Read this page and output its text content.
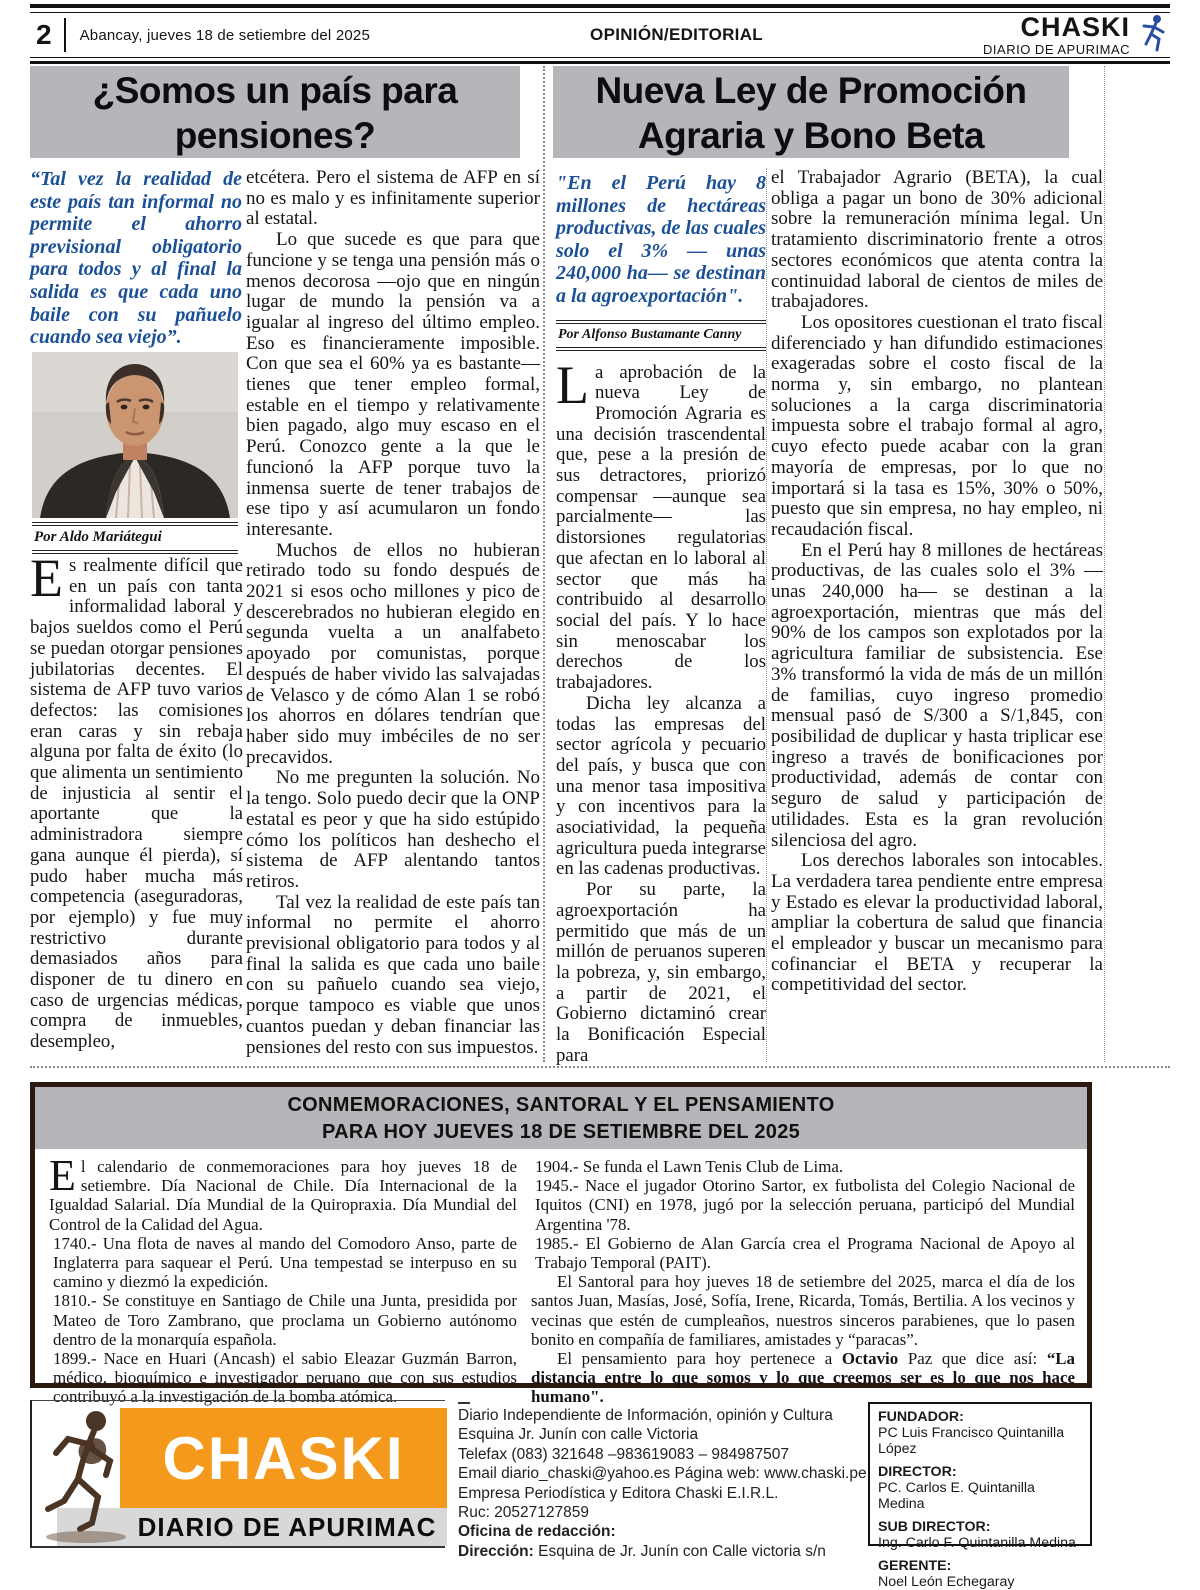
2	Abancay, jueves 18 de setiembre del 2025	OPINIÓN/EDITORIAL	CHASKI
DIARIO DE APURIMAC
¿Somos un país para pensiones?
“Tal vez la realidad de este país tan informal no permite el ahorro previsional obligatorio para todos y al final la salida es que cada uno baile con su pañuelo cuando sea viejo”.
Por Aldo Mariátegui

Es realmente difícil que en un país con tanta informalidad laboral y bajos sueldos como el Perú se puedan otorgar pensiones jubilatorias decentes. El sistema de AFP tuvo varios defectos: las comisiones eran caras y sin rebaja alguna por falta de éxito (lo que alimenta un sentimiento de injusticia al sentir el aportante que la administradora siempre gana aunque él pierda), sí pudo haber mucha más competencia (aseguradoras, por ejemplo) y fue muy restrictivo durante demasiados años para disponer de tu dinero en caso de urgencias médicas, compra de inmuebles, desempleo,

etcétera. Pero el sistema de AFP en sí no es malo y es infinitamente superior al estatal.

Lo que sucede es que para que funcione y se tenga una pensión más o menos decorosa —ojo que en ningún lugar de mundo la pensión va a igualar al ingreso del último empleo. Eso es financieramente imposible. Con que sea el 60% ya es bastante—tienes que tener empleo formal, estable en el tiempo y relativamente bien pagado, algo muy escaso en el Perú. Conozco gente a la que le funcionó la AFP porque tuvo la inmensa suerte de tener trabajos de ese tipo y así acumularon un fondo interesante.

Muchos de ellos no hubieran retirado todo su fondo después de 2021 si esos ocho millones y pico de descerebrados no hubieran elegido en segunda vuelta a un analfabeto apoyado por comunistas, porque después de haber vivido las salvajadas de Velasco y de cómo Alan 1 se robó los ahorros en dólares tendrían que haber sido muy imbéciles de no ser precavidos.

No me pregunten la solución. No la tengo. Solo puedo decir que la ONP estatal es peor y que ha sido estúpido cómo los políticos han deshecho el sistema de AFP alentando tantos retiros.

Tal vez la realidad de este país tan informal no permite el ahorro previsional obligatorio para todos y al final la salida es que cada uno baile con su pañuelo cuando sea viejo, porque tampoco es viable que unos cuantos puedan y deban financiar las pensiones del resto con sus impuestos.

Nueva Ley de Promoción Agraria y Bono Beta
"En el Perú hay 8 millones de hectáreas productivas, de las cuales solo el 3% — unas 240,000 ha— se destinan a la agroexportación".
Por Alfonso Bustamante Canny

La aprobación de la nueva Ley de Promoción Agraria es una decisión trascendental que, pese a la presión de sus detractores, priorizó compensar —aunque sea parcialmente— las distorsiones regulatorias que afectan en lo laboral al sector que más ha contribuido al desarrollo social del país. Y lo hace sin menoscabar los derechos de los trabajadores.

Dicha ley alcanza a todas las empresas del sector agrícola y pecuario del país, y busca que con una menor tasa impositiva y con incentivos para la asociatividad, la pequeña agricultura pueda integrarse en las cadenas productivas.

Por su parte, la agroexportación ha permitido que más de un millón de peruanos superen la pobreza, y, sin embargo, a partir de 2021, el Gobierno dictaminó crear la Bonificación Especial para

el Trabajador Agrario (BETA), la cual obliga a pagar un bono de 30% adicional sobre la remuneración mínima legal. Un tratamiento discriminatorio frente a otros sectores económicos que atenta contra la continuidad laboral de cientos de miles de trabajadores.

Los opositores cuestionan el trato fiscal diferenciado y han difundido estimaciones exageradas sobre el costo fiscal de la norma y, sin embargo, no plantean soluciones a la carga discriminatoria impuesta sobre el trabajo formal al agro, cuyo efecto puede acabar con la gran mayoría de empresas, por lo que no importará si la tasa es 15%, 30% o 50%, puesto que sin empresa, no hay empleo, ni recaudación fiscal.

En el Perú hay 8 millones de hectáreas productivas, de las cuales solo el 3% —unas 240,000 ha— se destinan a la agroexportación, mientras que más del 90% de los campos son explotados por la agricultura familiar de subsistencia. Ese 3% transformó la vida de más de un millón de familias, cuyo ingreso promedio mensual pasó de S/300 a S/1,845, con posibilidad de duplicar y hasta triplicar ese ingreso a través de bonificaciones por productividad, además de contar con seguro de salud y participación de utilidades. Esta es la gran revolución silenciosa del agro.

Los derechos laborales son intocables. La verdadera tarea pendiente entre empresa y Estado es elevar la productividad laboral, ampliar la cobertura de salud que financia el empleador y buscar un mecanismo para cofinanciar el BETA y recuperar la competitividad del sector.

CONMEMORACIONES, SANTORAL Y EL PENSAMIENTO
PARA HOY JUEVES 18 DE SETIEMBRE DEL 2025

El calendario de conmemoraciones para hoy jueves 18 de setiembre. Día Nacional de Chile. Día Internacional de la Igualdad Salarial. Día Mundial de la Quiropraxia. Día Mundial del Control de la Calidad del Agua.

1740.- Una flota de naves al mando del Comodoro Anso, parte de Inglaterra para saquear el Perú. Una tempestad se interpuso en su camino y diezmó la expedición.

1810.- Se constituye en Santiago de Chile una Junta, presidida por Mateo de Toro Zambrano, que proclama un Gobierno autónomo dentro de la monarquía española.

1899.- Nace en Huari (Ancash) el sabio Eleazar Guzmán Barron, médico, bioquímico e investigador peruano que con sus estudios contribuyó a la investigación de la bomba atómica.

1904.- Se funda el Lawn Tenis Club de Lima.

1945.- Nace el jugador Otorino Sartor, ex futbolista del Colegio Nacional de Iquitos (CNI) en 1978, jugó por la selección peruana, participó del Mundial Argentina '78.

1985.- El Gobierno de Alan García crea el Programa Nacional de Apoyo al Trabajo Temporal (PAIT).

El Santoral para hoy jueves 18 de setiembre del 2025, marca el día de los santos Juan, Masías, José, Sofía, Irene, Ricarda, Tomás, Bertilia. A los vecinos y vecinas que estén de cumpleaños, nuestros sinceros parabienes, que lo pasen bonito en compañía de familiares, amistades y “paracas”.

El pensamiento para hoy pertenece a Octavio Paz que dice así: “La distancia entre lo que somos y lo que creemos ser es lo que nos hace humano".

CHASKI
DIARIO DE APURIMAC
Diario Independiente de Información, opinión y Cultura
Esquina Jr. Junín con calle Victoria
Telefax (083) 321648 –983619083 – 984987507
Email diario_chaski@yahoo.es Página web: www.chaski.pe
Empresa Periodística y Editora Chaski E.I.R.L.
Ruc: 20527127859
Oficina de redacción:
Dirección: Esquina de Jr. Junín con Calle victoria s/n
FUNDADOR:
PC Luis Francisco Quintanilla López
DIRECTOR:
PC. Carlos E. Quintanilla Medina
SUB DIRECTOR:
Ing. Carlo F. Quintanilla Medina
GERENTE:
Noel León Echegaray
